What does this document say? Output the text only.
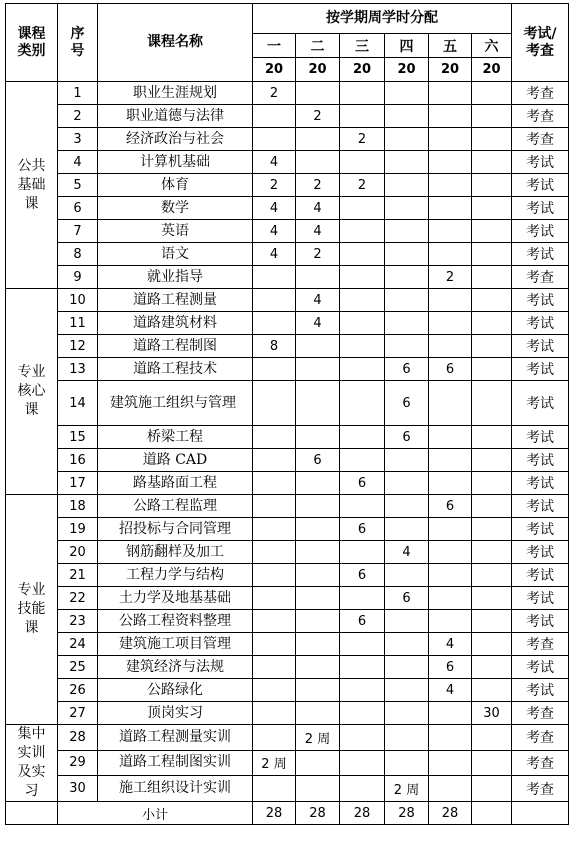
课程类别	序号	课程名称	按学期周学时分配						考试/考查
			一	二	三	四	五	六	
			20	20	20	20	20	20	
公共基础课	1	职业生涯规划	2						考查
	2	职业道德与法律		2					考查
	3	经济政治与社会			2				考查
	4	计算机基础	4						考试
	5	体育	2	2	2				考试
	6	数学	4	4					考试
	7	英语	4	4					考试
	8	语文	4	2					考试
	9	就业指导					2		考查
专业核心课	10	道路工程测量		4					考试
	11	道路建筑材料		4					考试
	12	道路工程制图	8						考试
	13	道路工程技术				6	6		考试
	14	建筑施工组织与管理				6			考试
	15	桥梁工程				6			考试
	16	道路 CAD		6					考试
	17	路基路面工程			6				考试
专业技能课	18	公路工程监理					6		考试
	19	招投标与合同管理			6				考试
	20	钢筋翻样及加工				4			考试
	21	工程力学与结构			6				考试
	22	土力学及地基基础				6			考试
	23	公路工程资料整理			6				考试
	24	建筑施工项目管理					4		考查
	25	建筑经济与法规					6		考试
	26	公路绿化					4		考试
	27	顶岗实习						30	考查
集中实训及实习	28	道路工程测量实训		2 周					考查
	29	道路工程制图实训	2 周						考查
	30	施工组织设计实训				2 周			考查
	小计		28	28	28	28	28		
